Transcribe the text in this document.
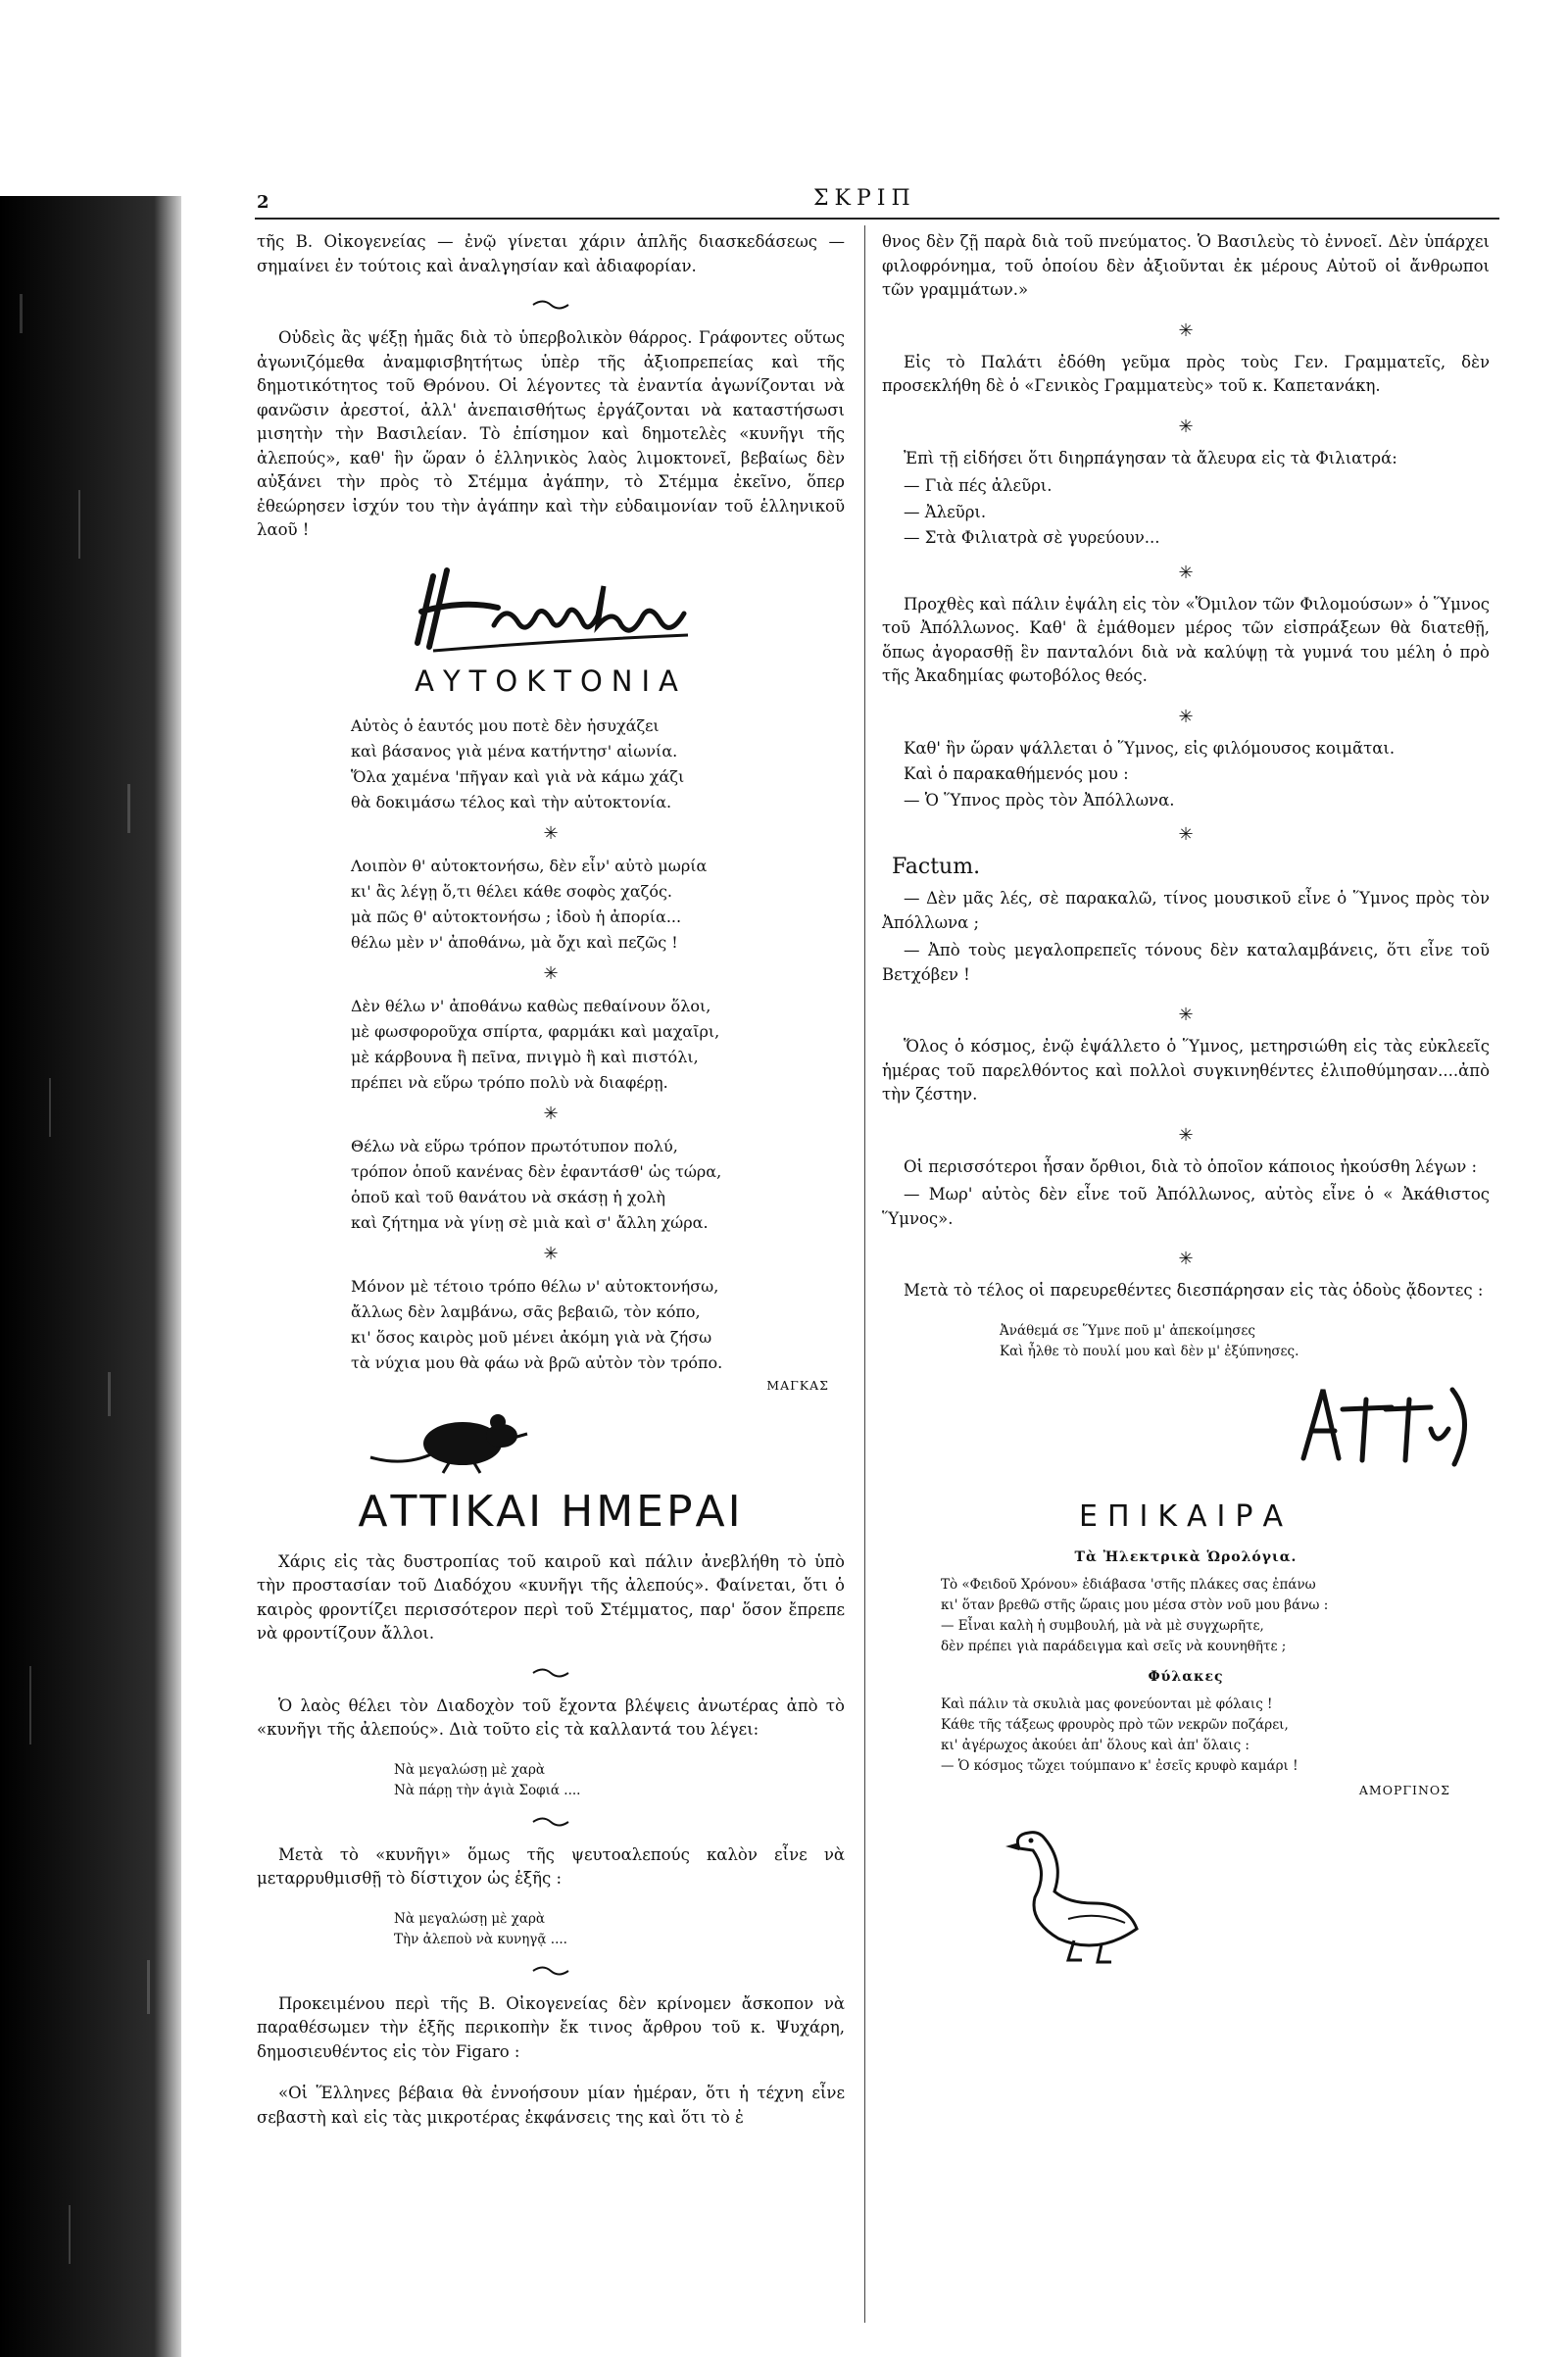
2	ΣΚΡΙΠ

τῆς Β. Οἰκογενείας — ἐνῷ γίνεται χάριν ἁπλῆς διασκεδάσεως — σημαίνει ἐν τούτοις καὶ ἀναλγησίαν καὶ ἀδιαφορίαν.

Οὐδεὶς ἂς ψέξῃ ἡμᾶς διὰ τὸ ὑπερβολικὸν θάρρος. Γράφοντες οὕτως ἀγωνιζόμεθα ἀναμφισβητήτως ὑπὲρ τῆς ἀξιοπρεπείας καὶ τῆς δημοτικότητος τοῦ Θρόνου. Οἱ λέγοντες τὰ ἐναντία ἀγωνίζονται νὰ φανῶσιν ἀρεστοί, ἀλλ' ἀνεπαισθήτως ἐργάζονται νὰ καταστήσωσι μισητὴν τὴν Βασιλείαν. Τὸ ἐπίσημον καὶ δημοτελὲς «κυνῆγι τῆς ἀλεπούς», καθ' ἣν ὥραν ὁ ἑλληνικὸς λαὸς λιμοκτονεῖ, βεβαίως δὲν αὐξάνει τὴν πρὸς τὸ Στέμμα ἀγάπην, τὸ Στέμμα ἐκεῖνο, ὅπερ ἐθεώρησεν ἰσχύν του τὴν ἀγάπην καὶ τὴν εὐδαιμονίαν τοῦ ἑλληνικοῦ λαοῦ !

ΑΥΤΟΚΤΟΝΙΑ
Αὐτὸς ὁ ἑαυτός μου ποτὲ δὲν ἡσυχάζει
καὶ βάσανος γιὰ μένα κατήντησ' αἰωνία.
Ὅλα χαμένα 'πῆγαν καὶ γιὰ νὰ κάμω χάζι
θὰ δοκιμάσω τέλος καὶ τὴν αὐτοκτονία.
✳
Λοιπὸν θ' αὐτοκτονήσω, δὲν εἶν' αὐτὸ μωρία
κι' ἂς λέγῃ ὅ,τι θέλει κάθε σοφὸς χαζός.
μὰ πῶς θ' αὐτοκτονήσω ; ἰδοὺ ἡ ἀπορία...
θέλω μὲν ν' ἀποθάνω, μὰ ὄχι καὶ πεζῶς !
✳
Δὲν θέλω ν' ἀποθάνω καθὼς πεθαίνουν ὅλοι,
μὲ φωσφοροῦχα σπίρτα, φαρμάκι καὶ μαχαῖρι,
μὲ κάρβουνα ἢ πεῖνα, πνιγμὸ ἢ καὶ πιστόλι,
πρέπει νὰ εὕρω τρόπο πολὺ νὰ διαφέρῃ.
✳
Θέλω νὰ εὕρω τρόπον πρωτότυπον πολύ,
τρόπον ὁποῦ κανένας δὲν ἐφαντάσθ' ὡς τώρα,
ὁποῦ καὶ τοῦ θανάτου νὰ σκάσῃ ἡ χολὴ
καὶ ζήτημα νὰ γίνῃ σὲ μιὰ καὶ σ' ἄλλη χώρα.
✳
Μόνον μὲ τέτοιο τρόπο θέλω ν' αὐτοκτονήσω,
ἄλλως δὲν λαμβάνω, σᾶς βεβαιῶ, τὸν κόπο,
κι' ὅσος καιρὸς μοῦ μένει ἀκόμη γιὰ νὰ ζήσω
τὰ νύχια μου θὰ φάω νὰ βρῶ αὐτὸν τὸν τρόπο.
ΜΑΓΚΑΣ
ΑΤΤΙΚΑΙ ΗΜΕΡΑΙ

Χάρις εἰς τὰς δυστροπίας τοῦ καιροῦ καὶ πάλιν ἀνεβλήθη τὸ ὑπὸ τὴν προστασίαν τοῦ Διαδόχου «κυνῆγι τῆς ἀλεπούς». Φαίνεται, ὅτι ὁ καιρὸς φροντίζει περισσότερον περὶ τοῦ Στέμματος, παρ' ὅσον ἔπρεπε νὰ φροντίζουν ἄλλοι.

Ὁ λαὸς θέλει τὸν Διαδοχὸν τοῦ ἔχοντα βλέψεις ἀνωτέρας ἀπὸ τὸ «κυνῆγι τῆς ἀλεπούς». Διὰ τοῦτο εἰς τὰ καλλαντά του λέγει:

Νὰ μεγαλώσῃ μὲ χαρὰ
Νὰ πάρῃ τὴν ἁγιὰ Σοφιά ....

Μετὰ τὸ «κυνῆγι» ὅμως τῆς ψευτοαλεπούς καλὸν εἶνε νὰ μεταρρυθμισθῇ τὸ δίστιχον ὡς ἑξῆς :

Νὰ μεγαλώσῃ μὲ χαρὰ
Τὴν ἀλεποὺ νὰ κυνηγᾷ ....

Προκειμένου περὶ τῆς Β. Οἰκογενείας δὲν κρίνομεν ἄσκοπον νὰ παραθέσωμεν τὴν ἑξῆς περικοπὴν ἔκ τινος ἄρθρου τοῦ κ. Ψυχάρη, δημοσιευθέντος εἰς τὸν Figaro :

«Οἱ Ἕλληνες βέβαια θὰ ἐννοήσουν μίαν ἡμέραν, ὅτι ἡ τέχνη εἶνε σεβαστὴ καὶ εἰς τὰς μικροτέρας ἐκφάνσεις της καὶ ὅτι τὸ ἐ

θνος δὲν ζῇ παρὰ διὰ τοῦ πνεύματος. Ὁ Βασιλεὺς τὸ ἐννοεῖ. Δὲν ὑπάρχει φιλοφρόνημα, τοῦ ὁποίου δὲν ἀξιοῦνται ἐκ μέρους Αὐτοῦ οἱ ἄνθρωποι τῶν γραμμάτων.»

✳

Εἰς τὸ Παλάτι ἐδόθη γεῦμα πρὸς τοὺς Γεν. Γραμματεῖς, δὲν προσεκλήθη δὲ ὁ «Γενικὸς Γραμματεὺς» τοῦ κ. Καπετανάκη.

✳

Ἐπὶ τῇ εἰδήσει ὅτι διηρπάγησαν τὰ ἄλευρα εἰς τὰ Φιλιατρά:

— Γιὰ πές ἀλεῦρι.

— Ἀλεῦρι.

— Στὰ Φιλιατρὰ σὲ γυρεύουν...

✳

Προχθὲς καὶ πάλιν ἐψάλη εἰς τὸν «Ὅμιλον τῶν Φιλομούσων» ὁ Ὕμνος τοῦ Ἀπόλλωνος. Καθ' ἃ ἐμάθομεν μέρος τῶν εἰσπράξεων θὰ διατεθῇ, ὅπως ἀγορασθῇ ἓν πανταλόνι διὰ νὰ καλύψῃ τὰ γυμνά του μέλη ὁ πρὸ τῆς Ἀκαδημίας φωτοβόλος θεός.

✳

Καθ' ἣν ὥραν ψάλλεται ὁ Ὕμνος, εἰς φιλόμουσος κοιμᾶται.

Καὶ ὁ παρακαθήμενός μου :

— Ὁ Ὕπνος πρὸς τὸν Ἀπόλλωνα.

✳
Factum.

— Δὲν μᾶς λές, σὲ παρακαλῶ, τίνος μουσικοῦ εἶνε ὁ Ὕμνος πρὸς τὸν Ἀπόλλωνα ;

— Ἀπὸ τοὺς μεγαλοπρεπεῖς τόνους δὲν καταλαμβάνεις, ὅτι εἶνε τοῦ Βετχόβεν !

✳

Ὅλος ὁ κόσμος, ἐνῷ ἐψάλλετο ὁ Ὕμνος, μετηρσιώθη εἰς τὰς εὐκλεεῖς ἡμέρας τοῦ παρελθόντος καὶ πολλοὶ συγκινηθέντες ἐλιποθύμησαν....ἀπὸ τὴν ζέστην.

✳

Οἱ περισσότεροι ἦσαν ὄρθιοι, διὰ τὸ ὁποῖον κάποιος ἠκούσθη λέγων :

— Μωρ' αὐτὸς δὲν εἶνε τοῦ Ἀπόλλωνος, αὐτὸς εἶνε ὁ « Ἀκάθιστος Ὕμνος».

✳

Μετὰ τὸ τέλος οἱ παρευρεθέντες διεσπάρησαν εἰς τὰς ὁδοὺς ᾄδοντες :

Ἀνάθεμά σε Ὕμνε ποῦ μ' ἀπεκοίμησες
Καὶ ἦλθε τὸ πουλί μου καὶ δὲν μ' ἐξύπνησες.
ΕΠΙΚΑΙΡΑ
Τὰ Ἠλεκτρικὰ Ὡρολόγια.
Τὸ «Φειδοῦ Χρόνου» ἐδιάβασα 'στῆς πλάκες σας ἐπάνω
κι' ὅταν βρεθῶ στῆς ὥραις μου μέσα στὸν νοῦ μου βάνω :
— Εἶναι καλὴ ἡ συμβουλή, μὰ νὰ μὲ συγχωρῆτε,
δὲν πρέπει γιὰ παράδειγμα καὶ σεῖς νὰ κουνηθῆτε ;
Φύλακες
Καὶ πάλιν τὰ σκυλιὰ μας φονεύονται μὲ φόλαις !
Κάθε τῆς τάξεως φρουρὸς πρὸ τῶν νεκρῶν ποζάρει,
κι' ἀγέρωχος ἀκούει ἀπ' ὅλους καὶ ἀπ' ὅλαις :
— Ὁ κόσμος τὤχει τούμπανο κ' ἐσεῖς κρυφὸ καμάρι !
ΑΜΟΡΓΙΝΟΣ
